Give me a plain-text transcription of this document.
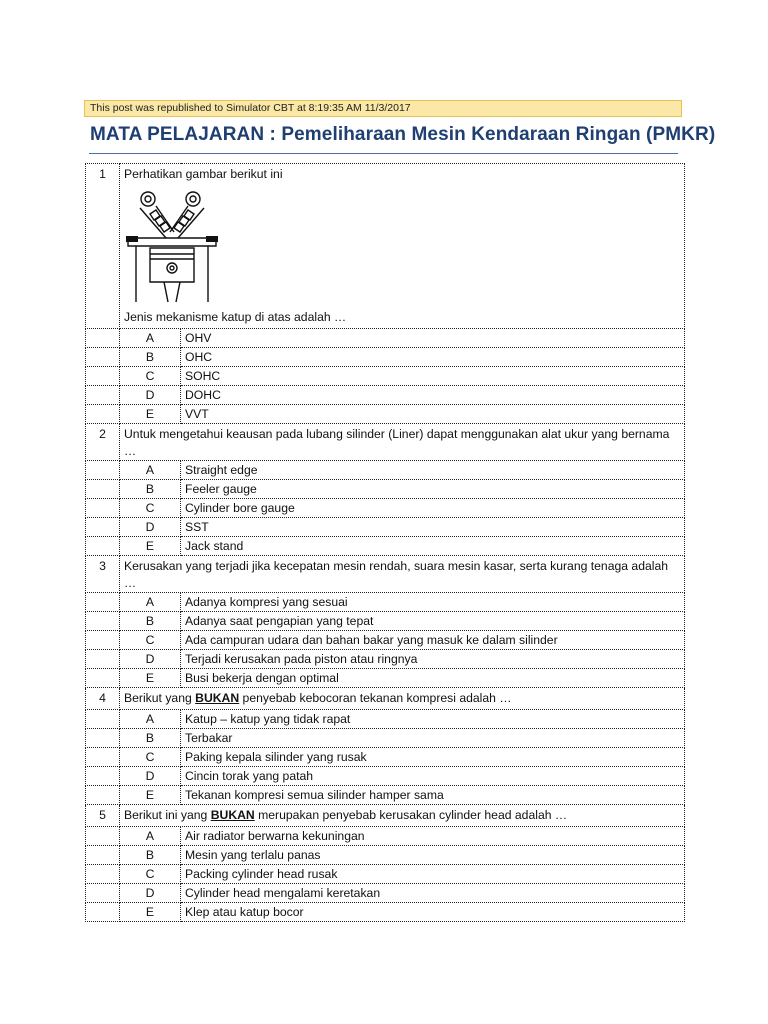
This post was republished to Simulator CBT at 8:19:35 AM 11/3/2017
MATA PELAJARAN : Pemeliharaan Mesin Kendaraan Ringan (PMKR)
1	Perhatikan gambar berikut ini
Jenis mekanisme katup di atas adalah …	

	A	OHV
	B	OHC
	C	SOHC
	D	DOHC
	E	VVT
2	Untuk mengetahui keausan pada lubang silinder (Liner) dapat menggunakan alat ukur yang bernama …	
	A	Straight edge
	B	Feeler gauge
	C	Cylinder bore gauge
	D	SST
	E	Jack stand
3	Kerusakan yang terjadi jika kecepatan mesin rendah, suara mesin kasar, serta kurang tenaga adalah …	
	A	Adanya kompresi yang sesuai
	B	Adanya saat pengapian yang tepat
	C	Ada campuran udara dan bahan bakar yang masuk ke dalam silinder
	D	Terjadi kerusakan pada piston atau ringnya
	E	Busi bekerja dengan optimal
4	Berikut yang BUKAN penyebab kebocoran tekanan kompresi adalah …	
	A	Katup – katup yang tidak rapat
	B	Terbakar
	C	Paking kepala silinder yang rusak
	D	Cincin torak yang patah
	E	Tekanan kompresi semua silinder hamper sama
5	Berikut ini yang BUKAN merupakan penyebab kerusakan cylinder head adalah …	
	A	Air radiator berwarna kekuningan
	B	Mesin yang terlalu panas
	C	Packing cylinder head rusak
	D	Cylinder head mengalami keretakan
	E	Klep atau katup bocor
